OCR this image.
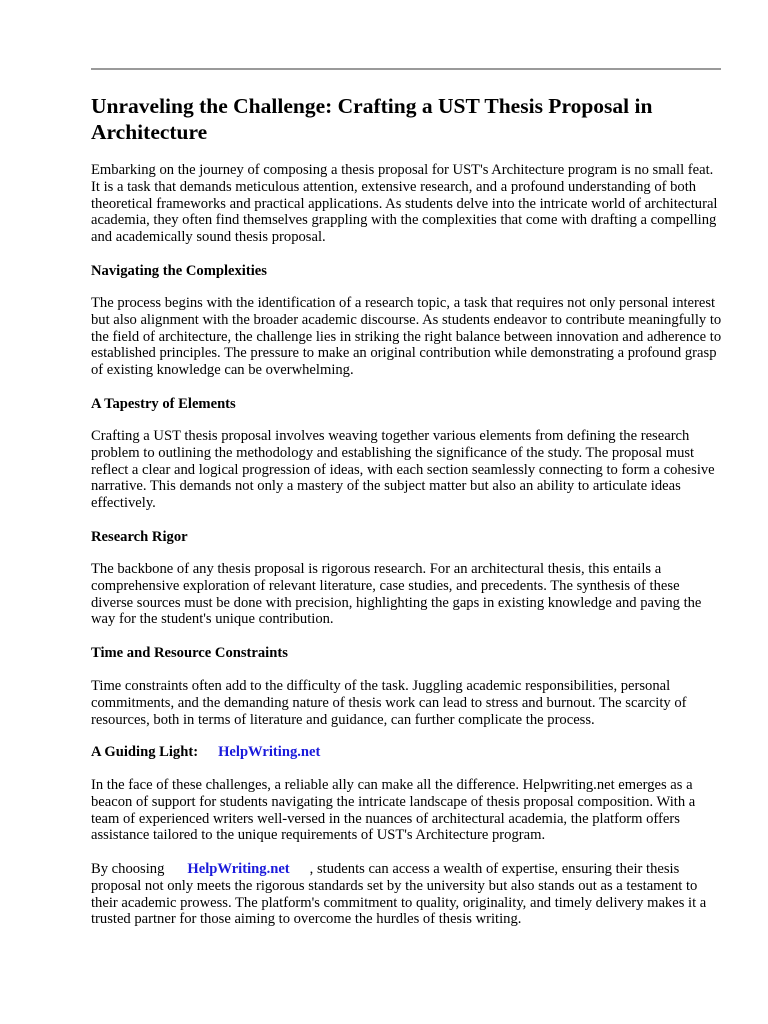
Unraveling the Challenge: Crafting a UST Thesis Proposal in Architecture

Embarking on the journey of composing a thesis proposal for UST's Architecture program is no small feat. It is a task that demands meticulous attention, extensive research, and a profound understanding of both theoretical frameworks and practical applications. As students delve into the intricate world of architectural academia, they often find themselves grappling with the complexities that come with drafting a compelling and academically sound thesis proposal.

Navigating the Complexities

The process begins with the identification of a research topic, a task that requires not only personal interest but also alignment with the broader academic discourse. As students endeavor to contribute meaningfully to the field of architecture, the challenge lies in striking the right balance between innovation and adherence to established principles. The pressure to make an original contribution while demonstrating a profound grasp of existing knowledge can be overwhelming.

A Tapestry of Elements

Crafting a UST thesis proposal involves weaving together various elements from defining the research problem to outlining the methodology and establishing the significance of the study. The proposal must reflect a clear and logical progression of ideas, with each section seamlessly connecting to form a cohesive narrative. This demands not only a mastery of the subject matter but also an ability to articulate ideas effectively.

Research Rigor

The backbone of any thesis proposal is rigorous research. For an architectural thesis, this entails a comprehensive exploration of relevant literature, case studies, and precedents. The synthesis of these diverse sources must be done with precision, highlighting the gaps in existing knowledge and paving the way for the student's unique contribution.

Time and Resource Constraints

Time constraints often add to the difficulty of the task. Juggling academic responsibilities, personal commitments, and the demanding nature of thesis work can lead to stress and burnout. The scarcity of resources, both in terms of literature and guidance, can further complicate the process.

A Guiding Light: HelpWriting.net

In the face of these challenges, a reliable ally can make all the difference. Helpwriting.net emerges as a beacon of support for students navigating the intricate landscape of thesis proposal composition. With a team of experienced writers well-versed in the nuances of architectural academia, the platform offers assistance tailored to the unique requirements of UST's Architecture program.

By choosing HelpWriting.net , students can access a wealth of expertise, ensuring their thesis proposal not only meets the rigorous standards set by the university but also stands out as a testament to their academic prowess. The platform's commitment to quality, originality, and timely delivery makes it a trusted partner for those aiming to overcome the hurdles of thesis writing.
